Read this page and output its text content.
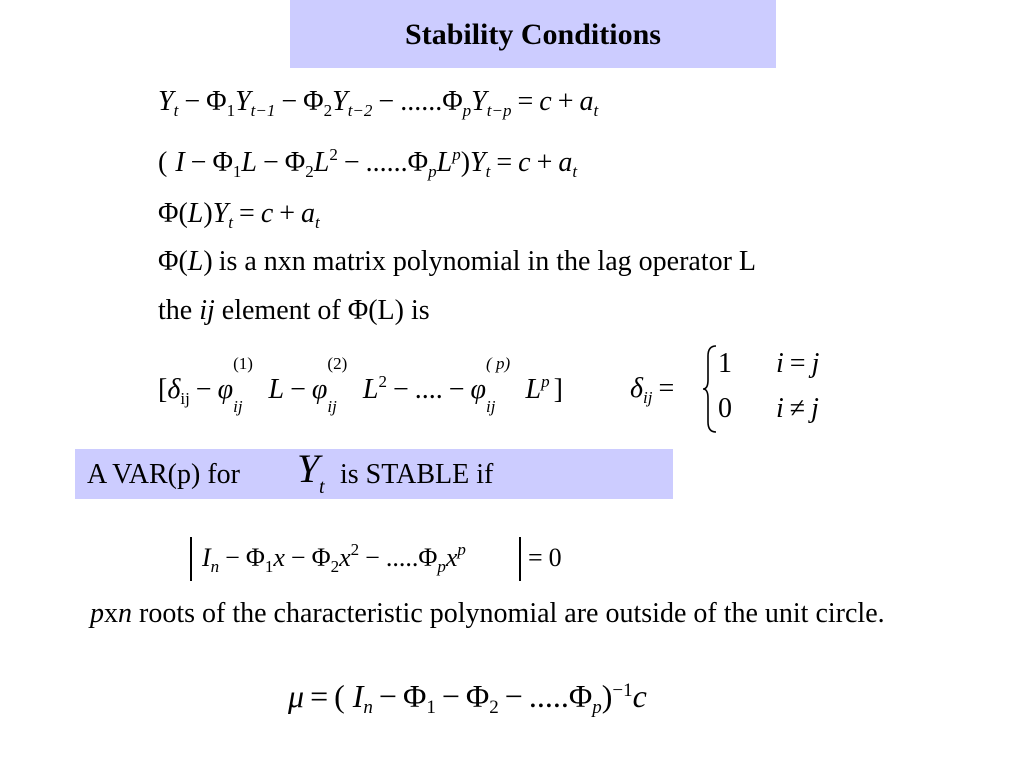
Stability Conditions
$Y_t - \Phi_1Y_{t-1} - \Phi_2Y_{t-2} - ......\Phi_pY_{t-p} = c + a_t$
( $I - \Phi_1L - \Phi_2L^2 - ......\Phi_pL^p)Y_t = c + a_t$
$\Phi(L)Y_t = c + a_t$
Φ(L) is a nxn matrix polynomial in the lag operator L
the ij element of Φ(L) is
[$\delta_{ij} - \varphi_{ij}$
(1)
$L - \varphi_{ij}$
(2)
$L^2$ − .... − $\varphi_{ij}$
( p)
$L^p$ ] $\delta_{ij}$ =
1 i = j
0 i ≠ j
A VAR(p) for Y t is STABLE if
$I_n - \Phi_1x - \Phi_2x^2 - .....\Phi_px^p = 0$
pxn roots of the characteristic polynomial are outside of the unit circle.
μ = ( $I_n - \Phi_1 - \Phi_2 - .....\Phi_p)^{-1}c$
